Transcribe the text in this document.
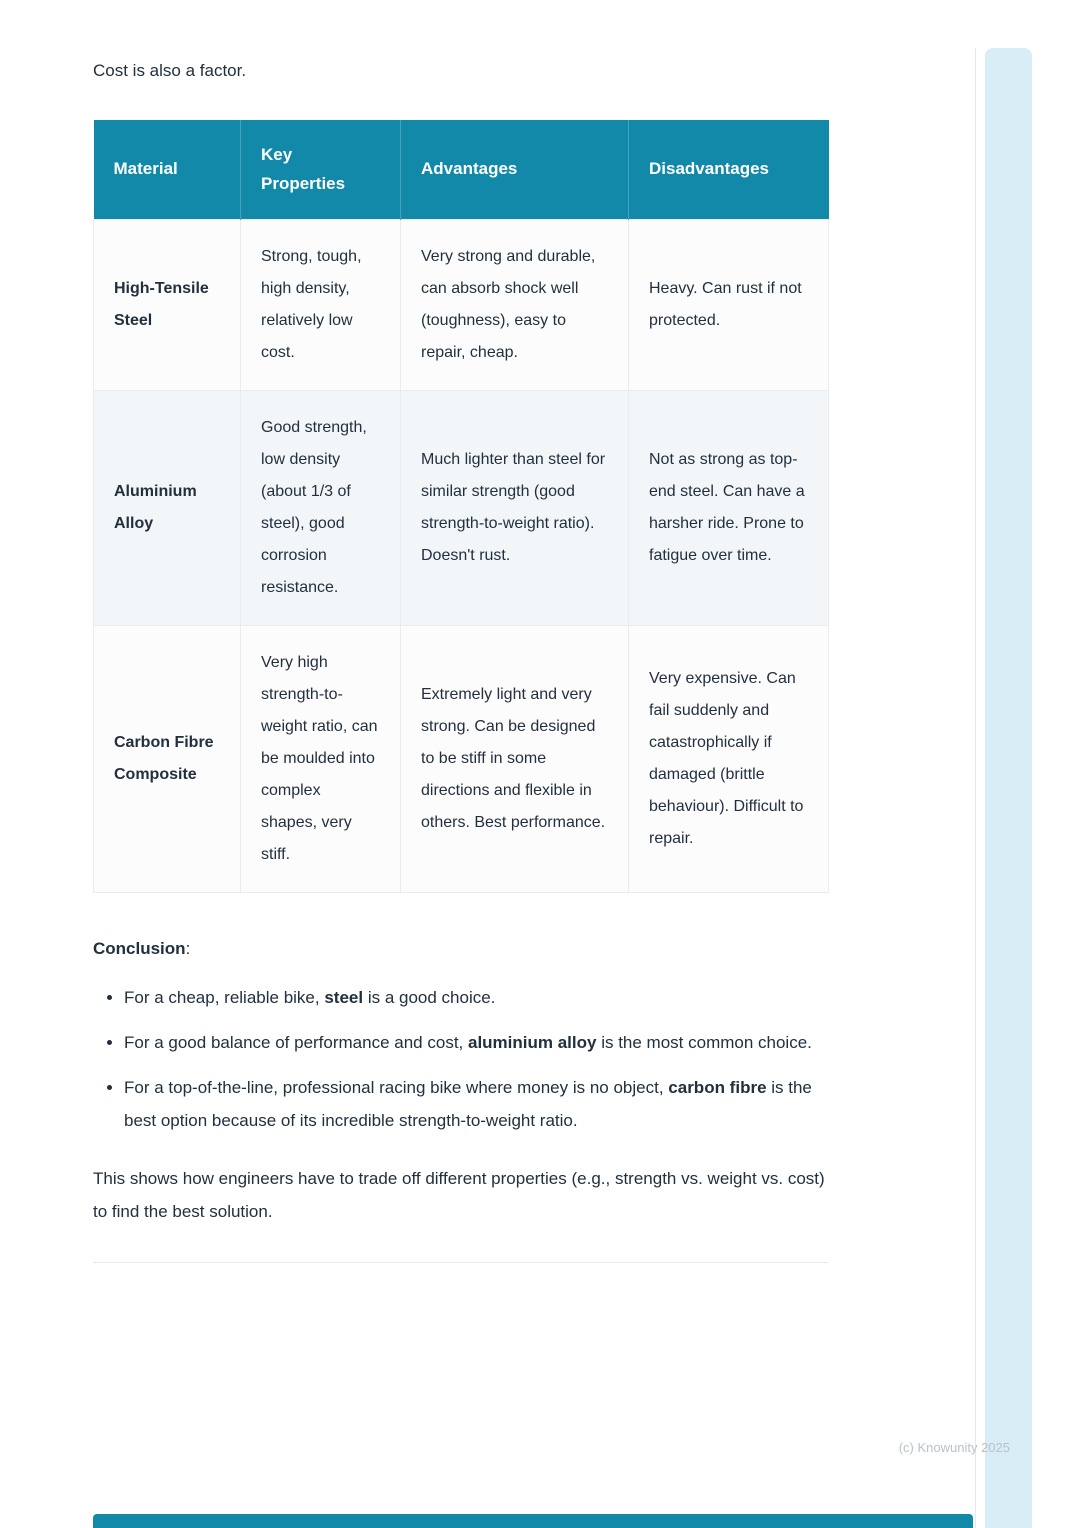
Cost is also a factor.

Material	Key Properties	Advantages	Disadvantages
High-Tensile Steel	Strong, tough, high density, relatively low cost.	Very strong and durable, can absorb shock well (toughness), easy to repair, cheap.	Heavy. Can rust if not protected.
Aluminium Alloy	Good strength, low density (about 1/3 of steel), good corrosion resistance.	Much lighter than steel for similar strength (good strength-to-weight ratio). Doesn't rust.	Not as strong as top-end steel. Can have a harsher ride. Prone to fatigue over time.
Carbon Fibre Composite	Very high strength-to-weight ratio, can be moulded into complex shapes, very stiff.	Extremely light and very strong. Can be designed to be stiff in some directions and flexible in others. Best performance.	Very expensive. Can fail suddenly and catastrophically if damaged (brittle behaviour). Difficult to repair.

Conclusion:

• For a cheap, reliable bike, steel is a good choice.
• For a good balance of performance and cost, aluminium alloy is the most common choice.
• For a top-of-the-line, professional racing bike where money is no object, carbon fibre is the best option because of its incredible strength-to-weight ratio.

This shows how engineers have to trade off different properties (e.g., strength vs. weight vs. cost) to find the best solution.

(c) Knowunity 2025
